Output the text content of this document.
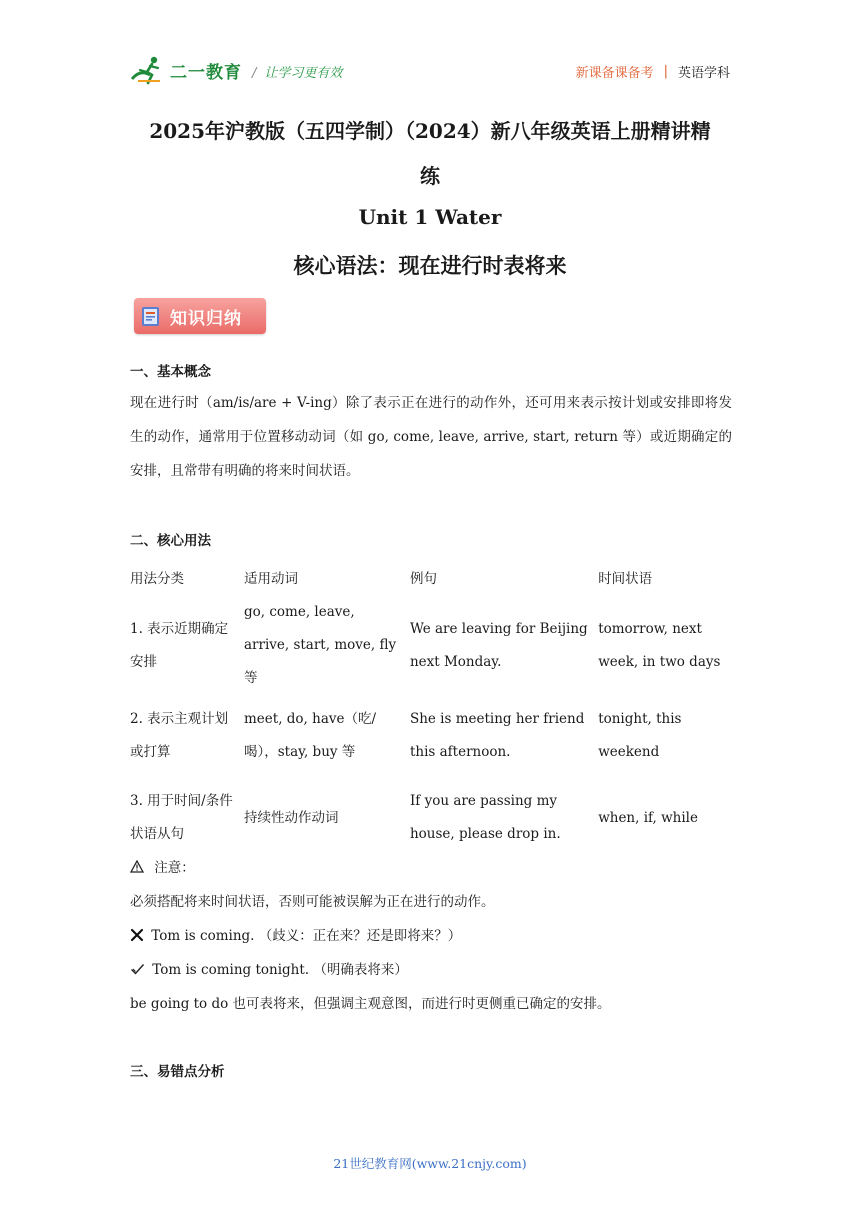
二一教育 / 让学习更有效	新课备课备考 | 英语学科
2025年沪教版（五四学制）（2024）新八年级英语上册精讲精
练
Unit 1 Water
核心语法：现在进行时表将来
知识归纳
一、基本概念
现在进行时（am/is/are + V-ing）除了表示正在进行的动作外，还可用来表示按计划或安排即将发生的动作，通常用于位置移动动词（如 go, come, leave, arrive, start, return 等）或近期确定的安排，且常带有明确的将来时间状语。
二、核心用法
用法分类	适用动词	例句	时间状语
1. 表示近期确定安排	go, come, leave, arrive, start, move, fly 等	We are leaving for Beijing next Monday.	tomorrow, next week, in two days
2. 表示主观计划或打算	meet, do, have（吃/喝），stay, buy 等	She is meeting her friend this afternoon.	tonight, this weekend
3. 用于时间/条件状语从句	持续性动作动词	If you are passing my house, please drop in.	when, if, while
注意：
必须搭配将来时间状语，否则可能被误解为正在进行的动作。
Tom is coming. （歧义：正在来？还是即将来？）
Tom is coming tonight. （明确表将来）
be going to do 也可表将来，但强调主观意图，而进行时更侧重已确定的安排。
三、易错点分析
21世纪教育网(www.21cnjy.com)
